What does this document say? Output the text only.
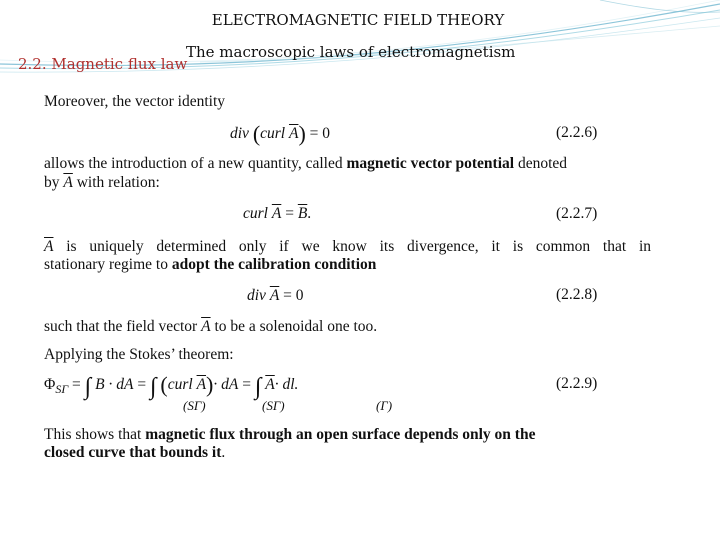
ELECTROMAGNETIC FIELD THEORY
The macroscopic laws of electromagnetism
2.2. Magnetic flux law
Moreover, the vector identity
div (curl $\overline{A}) = 0$	(2.2.6)
allows the introduction of a new quantity, called magnetic vector potential denoted
by $\overline{A}$ with relation:
curl $\overline{A} = \overline{B}$.	(2.2.7)
$\overline{A}$ is uniquely determined only if we know its divergence, it is common that in
stationary regime to adopt the calibration condition
div $\overline{A} = 0$	(2.2.8)
such that the field vector $\overline{A}$ to be a solenoidal one too.
Applying the Stokes’ theorem:
$\Phi_{S\Gamma}$ = ∫ B · dA = ∫ (curl $\overline{A})\cdot$ dA = ∫ $\overline{A}\cdot$ dl.
(SΓ)	(SΓ)	(Γ)
(2.2.9)
This shows that magnetic flux through an open surface depends only on the
closed curve that bounds it.
